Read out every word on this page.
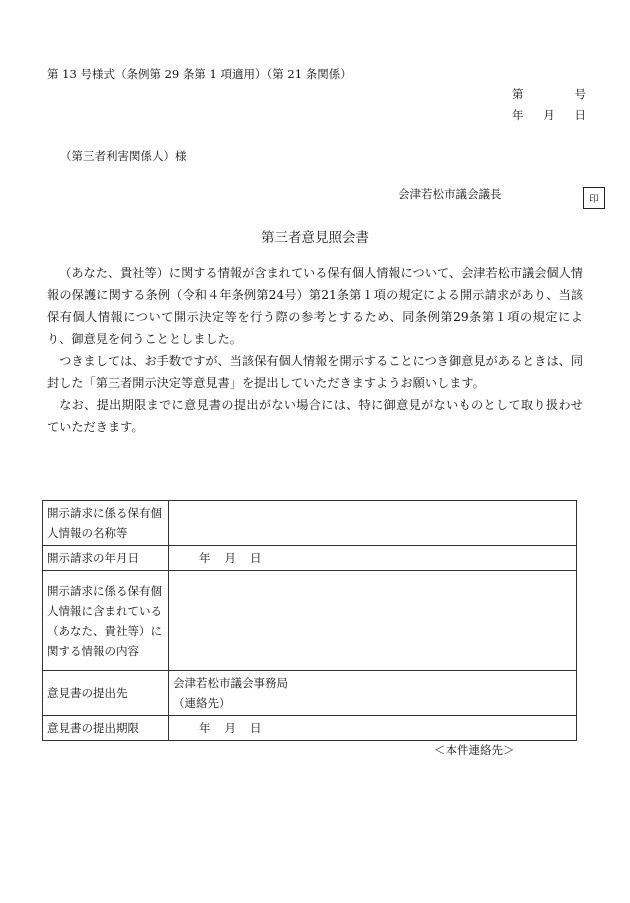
第 13 号様式（条例第 29 条第 1 項適用）（第 21 条関係）
第	号
年 月 日
（第三者利害関係人）様
会津若松市議会議長	印
第三者意見照会書

（あなた、貴社等）に関する情報が含まれている保有個人情報について、会津若松市議会個人情報の保護に関する条例（令和４年条例第24号）第21条第１項の規定による開示請求があり、当該保有個人情報について開示決定等を行う際の参考とするため、同条例第29条第１項の規定により、御意見を伺うこととしました。

つきましては、お手数ですが、当該保有個人情報を開示することにつき御意見があるときは、同封した「第三者開示決定等意見書」を提出していただきますようお願いします。

なお、提出期限までに意見書の提出がない場合には、特に御意見がないものとして取り扱わせていただきます。

開示請求に係る保有個人情報の名称等	
開示請求の年月日	年 月 日
開示請求に係る保有個人情報に含まれている（あなた、貴社等）に関する情報の内容	
意見書の提出先	会津若松市議会事務局
（連絡先）

意見書の提出期限	年 月 日
＜本件連絡先＞
